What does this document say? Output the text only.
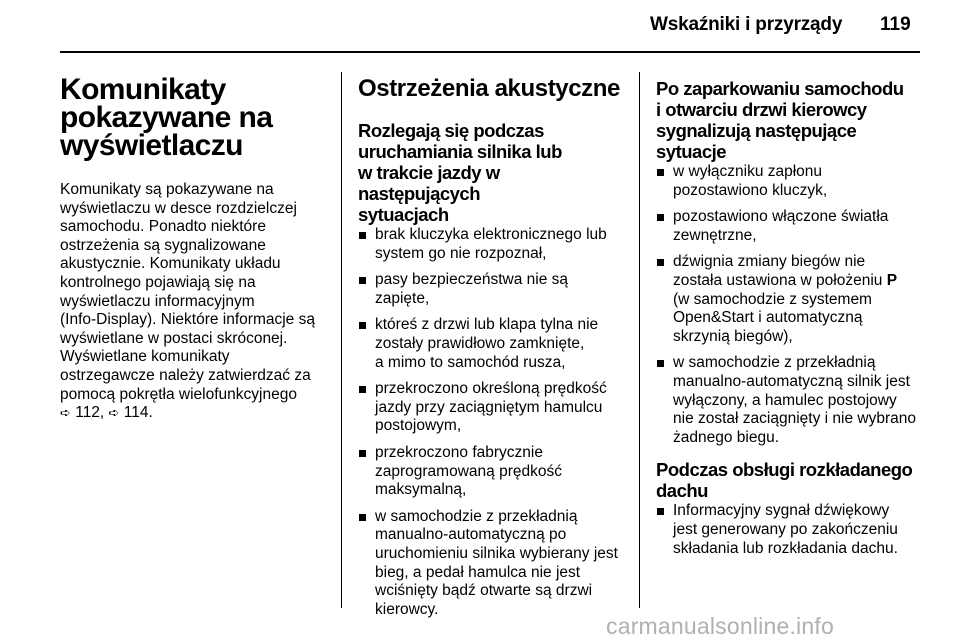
Wskaźniki i przyrządy 119
Komunikaty
pokazywane na
wyświetlaczu

Komunikaty są pokazywane na
wyświetlaczu w desce rozdzielczej
samochodu. Ponadto niektóre
ostrzeżenia są sygnalizowane
akustycznie. Komunikaty układu
kontrolnego pojawiają się na
wyświetlaczu informacyjnym
(Info-Display). Niektóre informacje są
wyświetlane w postaci skróconej.
Wyświetlane komunikaty
ostrzegawcze należy zatwierdzać za
pomocą pokrętła wielofunkcyjnego
➪ 112, ➪ 114.

Ostrzeżenia akustyczne
Rozlegają się podczas
uruchamiania silnika lub
w trakcie jazdy w następujących
sytuacjach
brak kluczyka elektronicznego lub
system go nie rozpoznał,
pasy bezpieczeństwa nie są
zapięte,
któreś z drzwi lub klapa tylna nie
zostały prawidłowo zamknięte,
a mimo to samochód rusza,
przekroczono określoną prędkość
jazdy przy zaciągniętym hamulcu
postojowym,
przekroczono fabrycznie
zaprogramowaną prędkość
maksymalną,
w samochodzie z przekładnią
manualno-automatyczną po
uruchomieniu silnika wybierany jest
bieg, a pedał hamulca nie jest
wciśnięty bądź otwarte są drzwi
kierowcy.
Po zaparkowaniu samochodu
i otwarciu drzwi kierowcy
sygnalizują następujące
sytuacje
w wyłączniku zapłonu
pozostawiono kluczyk,
pozostawiono włączone światła
zewnętrzne,
dźwignia zmiany biegów nie
została ustawiona w położeniu P
(w samochodzie z systemem
Open&Start i automatyczną
skrzynią biegów),
w samochodzie z przekładnią
manualno-automatyczną silnik jest
wyłączony, a hamulec postojowy
nie został zaciągnięty i nie wybrano
żadnego biegu.
Podczas obsługi rozkładanego
dachu
Informacyjny sygnał dźwiękowy
jest generowany po zakończeniu
składania lub rozkładania dachu.
carmanualsonline.info
